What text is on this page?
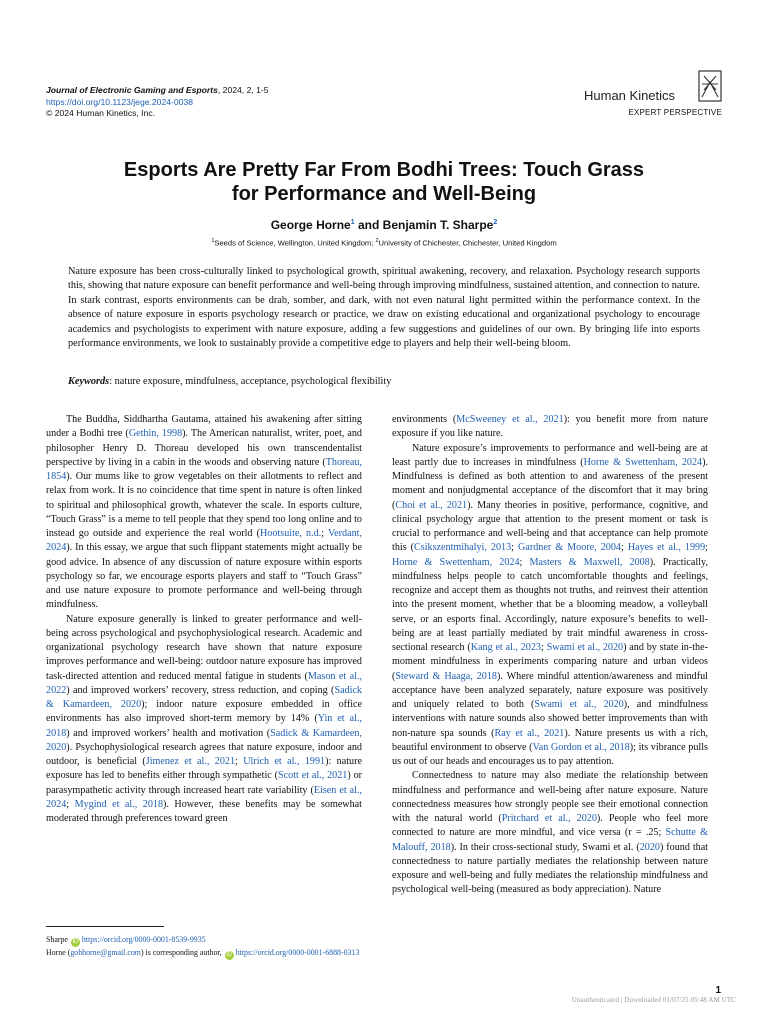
Journal of Electronic Gaming and Esports, 2024, 2, 1-5
https://doi.org/10.1123/jege.2024-0038
© 2024 Human Kinetics, Inc.
Human Kinetics
EXPERT PERSPECTIVE
Esports Are Pretty Far From Bodhi Trees: Touch Grass
for Performance and Well-Being
George Horne$^1$ and Benjamin T. Sharpe$^2$
$^1$Seeds of Science, Wellington, United Kingdom; $^2$University of Chichester, Chichester, United Kingdom
Nature exposure has been cross-culturally linked to psychological growth, spiritual awakening, recovery, and relaxation. Psychology research supports this, showing that nature exposure can benefit performance and well-being through improving mindfulness, sustained attention, and connection to nature. In stark contrast, esports environments can be drab, somber, and dark, with not even natural light permitted within the performance context. In the absence of nature exposure in esports psychology research or practice, we draw on existing educational and organizational psychology to encourage academics and psychologists to experiment with nature exposure, adding a few suggestions and guidelines of our own. By bringing life into esports performance environments, we look to sustainably provide a competitive edge to players and help their well-being bloom.
Keywords: nature exposure, mindfulness, acceptance, psychological flexibility

The Buddha, Siddhartha Gautama, attained his awakening after sitting under a Bodhi tree (Gethin, 1998). The American naturalist, writer, poet, and philosopher Henry D. Thoreau developed his own transcendentalist perspective by living in a cabin in the woods and observing nature (Thoreau, 1854). Our mums like to grow vegetables on their allotments to reflect and relax from work. It is no coincidence that time spent in nature is often linked to spiritual and philosophical growth, whatever the scale. In esports culture, “Touch Grass” is a meme to tell people that they spend too long online and to instead go outside and experience the real world (Hootsuite, n.d.; Verdant, 2024). In this essay, we argue that such flippant statements might actually be good advice. In absence of any discussion of nature exposure within esports psychology so far, we encourage esports players and staff to “Touch Grass” and use nature exposure to promote performance and well-being through mindfulness.

Nature exposure generally is linked to greater performance and well-being across psychological and psychophysiological research. Academic and organizational psychology research have shown that nature exposure improves performance and well-being: outdoor nature exposure has improved task-directed attention and reduced mental fatigue in students (Mason et al., 2022) and improved workers’ recovery, stress reduction, and coping (Sadick & Kamardeen, 2020); indoor nature exposure embedded in office environments has also improved short-term memory by 14% (Yin et al., 2018) and improved workers’ health and motivation (Sadick & Kamardeen, 2020). Psychophysiological research agrees that nature exposure, indoor and outdoor, is beneficial (Jimenez et al., 2021; Ulrich et al., 1991): nature exposure has led to benefits either through sympathetic (Scott et al., 2021) or parasympathetic activity through increased heart rate variability (Eisen et al., 2024; Mygind et al., 2018). However, these benefits may be somewhat moderated through preferences toward green

environments (McSweeney et al., 2021): you benefit more from nature exposure if you like nature.

Nature exposure’s improvements to performance and well-being are at least partly due to increases in mindfulness (Horne & Swettenham, 2024). Mindfulness is defined as both attention to and awareness of the present moment and nonjudgmental acceptance of the discomfort that it may bring (Choi et al., 2021). Many theories in positive, performance, cognitive, and clinical psychology argue that attention to the present moment or task is crucial to performance and well-being and that acceptance can help promote this (Csikszentmihalyi, 2013; Gardner & Moore, 2004; Hayes et al., 1999; Horne & Swettenham, 2024; Masters & Maxwell, 2008). Practically, mindfulness helps people to catch uncomfortable thoughts and feelings, recognize and accept them as thoughts not truths, and reinvest their attention into the present moment, whether that be a blooming meadow, a volleyball serve, or an esports final. Accordingly, nature exposure’s benefits to well-being are at least partially mediated by trait mindful awareness in cross-sectional research (Kang et al., 2023; Swami et al., 2020) and by state in-the-moment mindfulness in experiments comparing nature and urban videos (Steward & Haaga, 2018). Where mindful attention/awareness and mindful acceptance have been analyzed separately, nature exposure was positively and uniquely related to both (Swami et al., 2020), and mindfulness interventions with nature sounds also showed better improvements than with non-nature spa sounds (Ray et al., 2021). Nature presents us with a rich, beautiful environment to observe (Van Gordon et al., 2018); its vibrance pulls us out of our heads and encourages us to pay attention.

Connectedness to nature may also mediate the relationship between mindfulness and performance and well-being after nature exposure. Nature connectedness measures how strongly people see their emotional connection with the natural world (Pritchard et al., 2020). People who feel more connected to nature are more mindful, and vice versa (r = .25; Schutte & Malouff, 2018). In their cross-sectional study, Swami et al. (2020) found that connectedness to nature partially mediates the relationship between nature exposure and well-being and fully mediates the relationship mindfulness and psychological well-being (measured as body appreciation). Nature

Sharpe iD https://orcid.org/0000-0001-8539-9935
Horne (gohhorne@gmail.com) is corresponding author, iD https://orcid.org/0000-0001-6888-0313
1
Unauthenticated | Downloaded 01/07/25 05:48 AM UTC
